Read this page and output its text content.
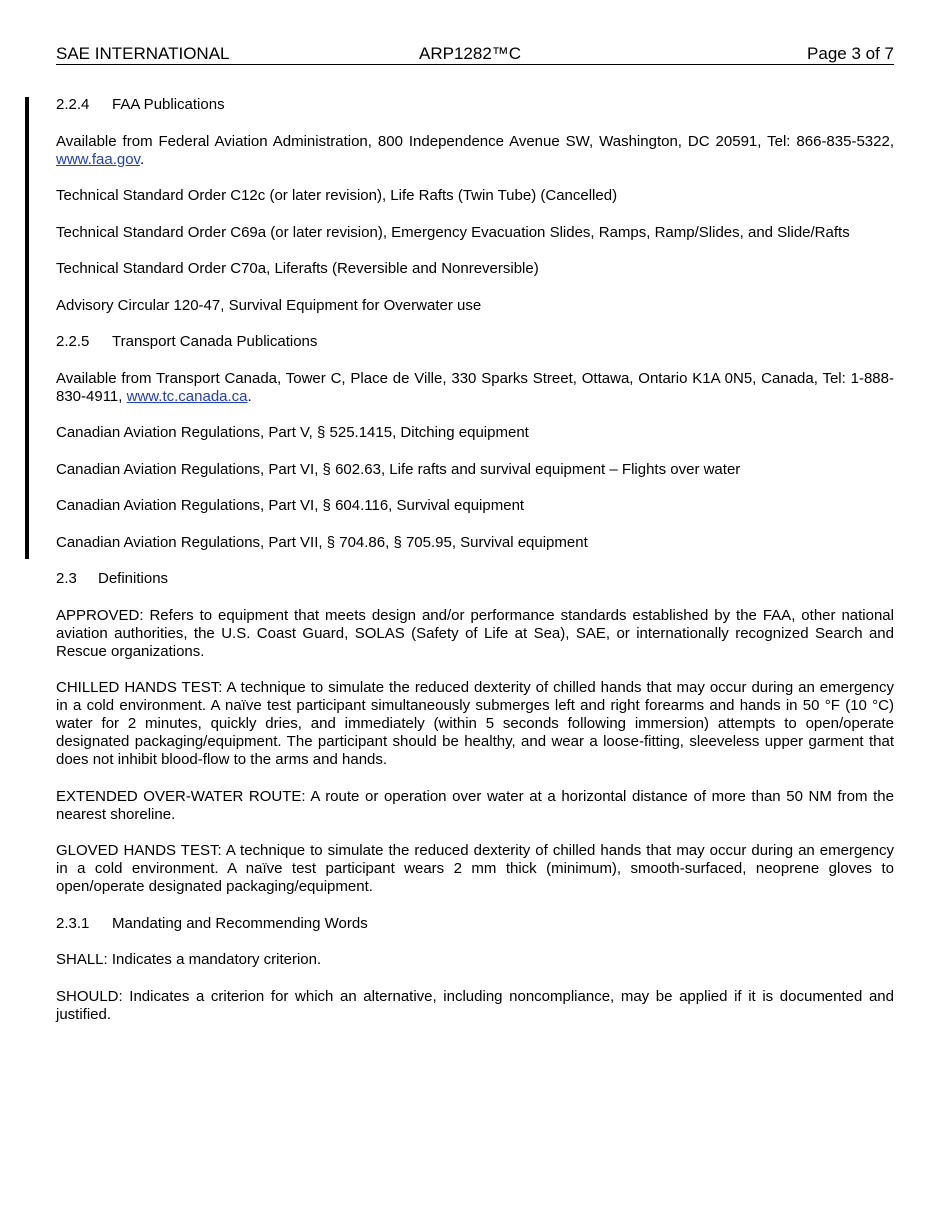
SAE INTERNATIONAL	ARP1282™C	Page 3 of 7

2.2.4 FAA Publications

Available from Federal Aviation Administration, 800 Independence Avenue SW, Washington, DC 20591, Tel: 866-835-5322, www.faa.gov.

Technical Standard Order C12c (or later revision), Life Rafts (Twin Tube) (Cancelled)

Technical Standard Order C69a (or later revision), Emergency Evacuation Slides, Ramps, Ramp/Slides, and Slide/Rafts

Technical Standard Order C70a, Liferafts (Reversible and Nonreversible)

Advisory Circular 120-47, Survival Equipment for Overwater use

2.2.5 Transport Canada Publications

Available from Transport Canada, Tower C, Place de Ville, 330 Sparks Street, Ottawa, Ontario K1A 0N5, Canada, Tel: 1-888-830-4911, www.tc.canada.ca.

Canadian Aviation Regulations, Part V, § 525.1415, Ditching equipment

Canadian Aviation Regulations, Part VI, § 602.63, Life rafts and survival equipment – Flights over water

Canadian Aviation Regulations, Part VI, § 604.116, Survival equipment

Canadian Aviation Regulations, Part VII, § 704.86, § 705.95, Survival equipment

2.3 Definitions

APPROVED: Refers to equipment that meets design and/or performance standards established by the FAA, other national aviation authorities, the U.S. Coast Guard, SOLAS (Safety of Life at Sea), SAE, or internationally recognized Search and Rescue organizations.

CHILLED HANDS TEST: A technique to simulate the reduced dexterity of chilled hands that may occur during an emergency in a cold environment. A naïve test participant simultaneously submerges left and right forearms and hands in 50 °F (10 °C) water for 2 minutes, quickly dries, and immediately (within 5 seconds following immersion) attempts to open/operate designated packaging/equipment. The participant should be healthy, and wear a loose-fitting, sleeveless upper garment that does not inhibit blood-flow to the arms and hands.

EXTENDED OVER-WATER ROUTE: A route or operation over water at a horizontal distance of more than 50 NM from the nearest shoreline.

GLOVED HANDS TEST: A technique to simulate the reduced dexterity of chilled hands that may occur during an emergency in a cold environment. A naïve test participant wears 2 mm thick (minimum), smooth-surfaced, neoprene gloves to open/operate designated packaging/equipment.

2.3.1 Mandating and Recommending Words

SHALL: Indicates a mandatory criterion.

SHOULD: Indicates a criterion for which an alternative, including noncompliance, may be applied if it is documented and justified.
